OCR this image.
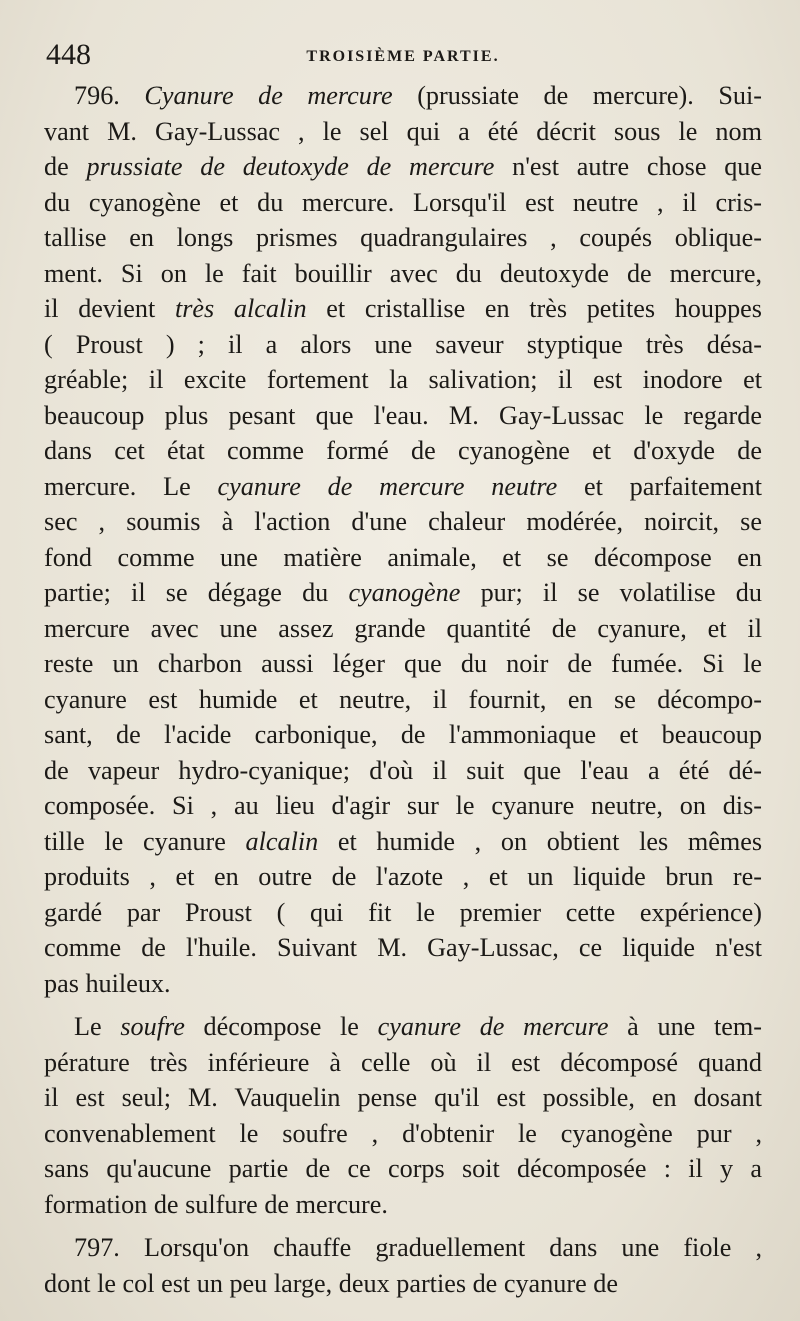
448	TROISIÈME PARTIE.
796. Cyanure de mercure (prussiate de mercure). Sui-
vant M. Gay-Lussac , le sel qui a été décrit sous le nom
de prussiate de deutoxyde de mercure n'est autre chose que
du cyanogène et du mercure. Lorsqu'il est neutre , il cris-
tallise en longs prismes quadrangulaires , coupés oblique-
ment. Si on le fait bouillir avec du deutoxyde de mercure,
il devient très alcalin et cristallise en très petites houppes
( Proust ) ; il a alors une saveur styptique très désa-
gréable; il excite fortement la salivation; il est inodore et
beaucoup plus pesant que l'eau. M. Gay-Lussac le regarde
dans cet état comme formé de cyanogène et d'oxyde de
mercure. Le cyanure de mercure neutre et parfaitement
sec , soumis à l'action d'une chaleur modérée, noircit, se
fond comme une matière animale, et se décompose en
partie; il se dégage du cyanogène pur; il se volatilise du
mercure avec une assez grande quantité de cyanure, et il
reste un charbon aussi léger que du noir de fumée. Si le
cyanure est humide et neutre, il fournit, en se décompo-
sant, de l'acide carbonique, de l'ammoniaque et beaucoup
de vapeur hydro-cyanique; d'où il suit que l'eau a été dé-
composée. Si , au lieu d'agir sur le cyanure neutre, on dis-
tille le cyanure alcalin et humide , on obtient les mêmes
produits , et en outre de l'azote , et un liquide brun re-
gardé par Proust ( qui fit le premier cette expérience)
comme de l'huile. Suivant M. Gay-Lussac, ce liquide n'est
pas huileux.
Le soufre décompose le cyanure de mercure à une tem-
pérature très inférieure à celle où il est décomposé quand
il est seul; M. Vauquelin pense qu'il est possible, en dosant
convenablement le soufre , d'obtenir le cyanogène pur ,
sans qu'aucune partie de ce corps soit décomposée : il y a
formation de sulfure de mercure.
797. Lorsqu'on chauffe graduellement dans une fiole ,
dont le col est un peu large, deux parties de cyanure de
